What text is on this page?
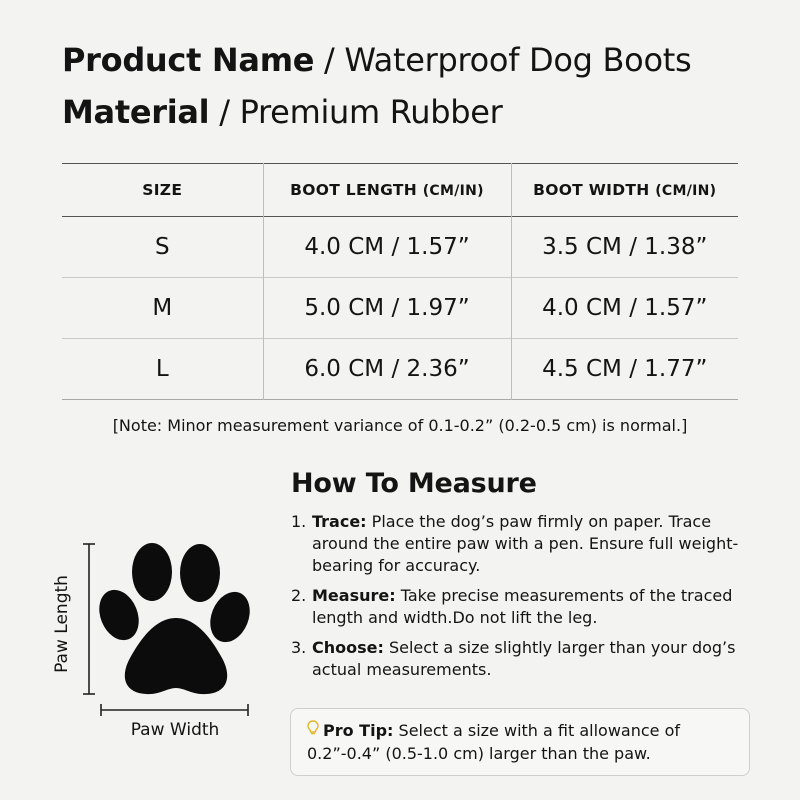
Product Name / Waterproof Dog Boots
Material / Premium Rubber
SIZE	BOOT LENGTH (CM/IN)	BOOT WIDTH (CM/IN)
S	4.0 CM / 1.57”	3.5 CM / 1.38”
M	5.0 CM / 1.97”	4.0 CM / 1.57”
L	6.0 CM / 2.36”	4.5 CM / 1.77”
[Note: Minor measurement variance of 0.1-0.2” (0.2-0.5 cm) is normal.]
Paw Length
Paw Width
How To Measure
1. Trace: Place the dog’s paw firmly on paper. Trace around the entire paw with a pen. Ensure full weight-bearing for accuracy.
2. Measure: Take precise measurements of the traced length and width.Do not lift the leg.
3. Choose: Select a size slightly larger than your dog’s actual measurements.
Pro Tip: Select a size with a fit allowance of 0.2”-0.4” (0.5-1.0 cm) larger than the paw.
